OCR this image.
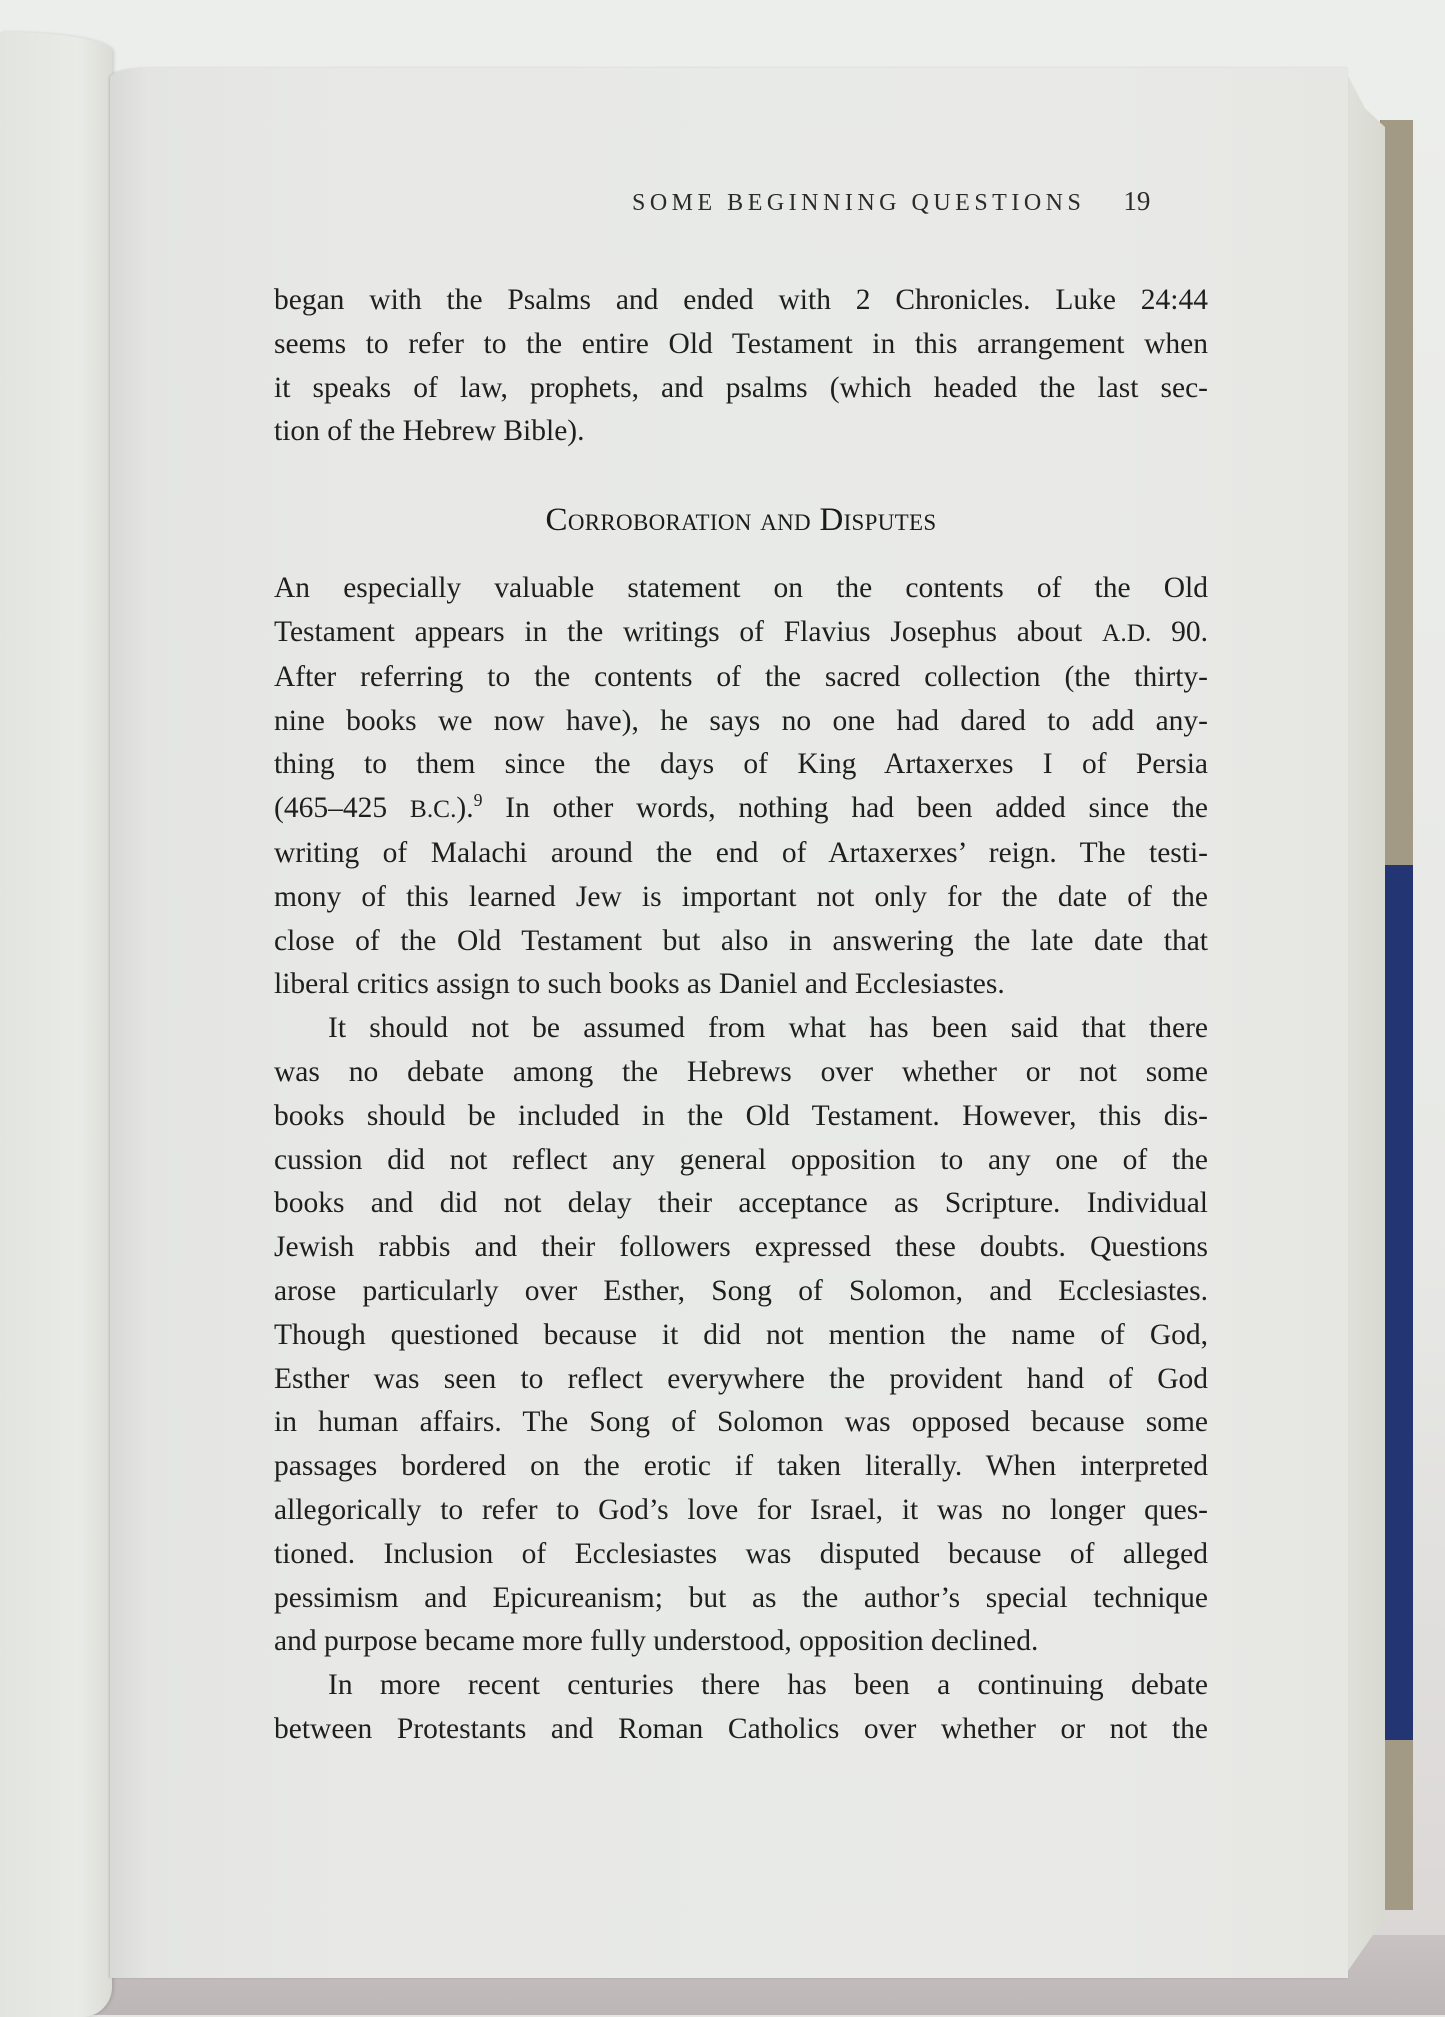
SOME BEGINNING QUESTIONS 19
began with the Psalms and ended with 2 Chronicles. Luke 24:44
seems to refer to the entire Old Testament in this arrangement when
it speaks of law, prophets, and psalms (which headed the last sec-
tion of the Hebrew Bible).
Corroboration and Disputes
An especially valuable statement on the contents of the Old
Testament appears in the writings of Flavius Josephus about A.D. 90.
After referring to the contents of the sacred collection (the thirty-
nine books we now have), he says no one had dared to add any-
thing to them since the days of King Artaxerxes I of Persia
(465–425 B.C.).$^9$ In other words, nothing had been added since the
writing of Malachi around the end of Artaxerxes’ reign. The testi-
mony of this learned Jew is important not only for the date of the
close of the Old Testament but also in answering the late date that
liberal critics assign to such books as Daniel and Ecclesiastes.
It should not be assumed from what has been said that there
was no debate among the Hebrews over whether or not some
books should be included in the Old Testament. However, this dis-
cussion did not reflect any general opposition to any one of the
books and did not delay their acceptance as Scripture. Individual
Jewish rabbis and their followers expressed these doubts. Questions
arose particularly over Esther, Song of Solomon, and Ecclesiastes.
Though questioned because it did not mention the name of God,
Esther was seen to reflect everywhere the provident hand of God
in human affairs. The Song of Solomon was opposed because some
passages bordered on the erotic if taken literally. When interpreted
allegorically to refer to God’s love for Israel, it was no longer ques-
tioned. Inclusion of Ecclesiastes was disputed because of alleged
pessimism and Epicureanism; but as the author’s special technique
and purpose became more fully understood, opposition declined.
In more recent centuries there has been a continuing debate
between Protestants and Roman Catholics over whether or not the
